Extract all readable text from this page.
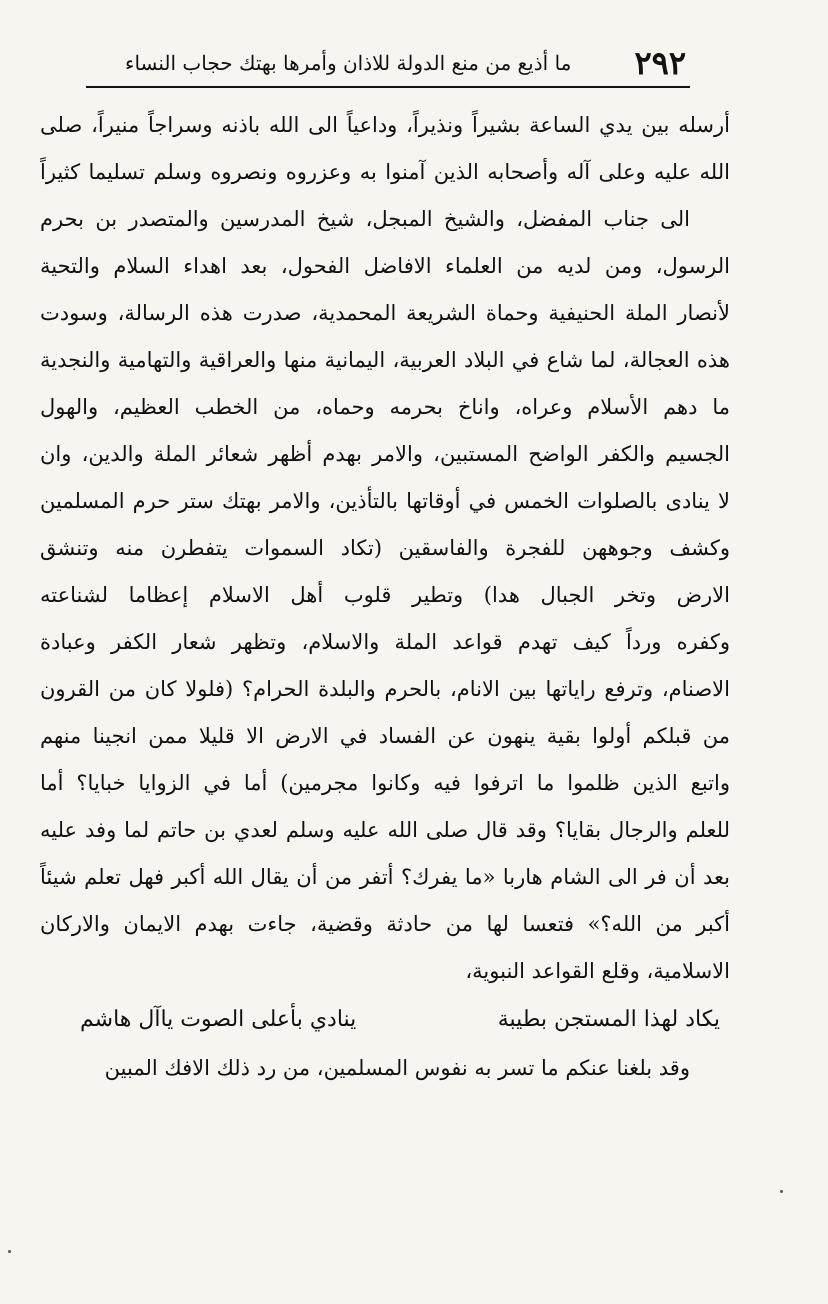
٢٩٢
ما أذيع من منع الدولة للاذان وأمرها بهتك حجاب النساء
أرسله بين يدي الساعة بشيراً ونذيراً، وداعياً الى الله باذنه وسراجاً منيراً، صلى
الله عليه وعلى آله وأصحابه الذين آمنوا به وعزروه ونصروه وسلم تسليما كثيراً
الى جناب المفضل، والشيخ المبجل، شيخ المدرسين والمتصدر بن بحرم
الرسول، ومن لديه من العلماء الافاضل الفحول، بعد اهداء السلام والتحية
لأنصار الملة الحنيفية وحماة الشريعة المحمدية، صدرت هذه الرسالة، وسودت
هذه العجالة، لما شاع في البلاد العربية، اليمانية منها والعراقية والتهامية والنجدية
ما دهم الأسلام وعراه، واناخ بحرمه وحماه، من الخطب العظيم، والهول
الجسيم والكفر الواضح المستبين، والامر بهدم أظهر شعائر الملة والدين، وان
لا ينادى بالصلوات الخمس في أوقاتها بالتأذين، والامر بهتك ستر حرم المسلمين
وكشف وجوههن للفجرة والفاسقين (تكاد السموات يتفطرن منه وتنشق
الارض وتخر الجبال هدا) وتطير قلوب أهل الاسلام إعظاما لشناعته
وكفره ورداً كيف تهدم قواعد الملة والاسلام، وتظهر شعار الكفر وعبادة
الاصنام، وترفع راياتها بين الانام، بالحرم والبلدة الحرام؟ (فلولا كان من القرون
من قبلكم أولوا بقية ينهون عن الفساد في الارض الا قليلا ممن انجينا منهم
واتبع الذين ظلموا ما اترفوا فيه وكانوا مجرمين) أما في الزوايا خبايا؟ أما
للعلم والرجال بقايا؟ وقد قال صلى الله عليه وسلم لعدي بن حاتم لما وفد عليه
بعد أن فر الى الشام هاربا «ما يفرك؟ أتفر من أن يقال الله أكبر فهل تعلم شيئاً
أكبر من الله؟» فتعسا لها من حادثة وقضية، جاءت بهدم الايمان والاركان
الاسلامية، وقلع القواعد النبوية،
يكاد لهذا المستجن بطيبة
ينادي بأعلى الصوت ياآل هاشم
وقد بلغنا عنكم ما تسر به نفوس المسلمين، من رد ذلك الافك المبين
